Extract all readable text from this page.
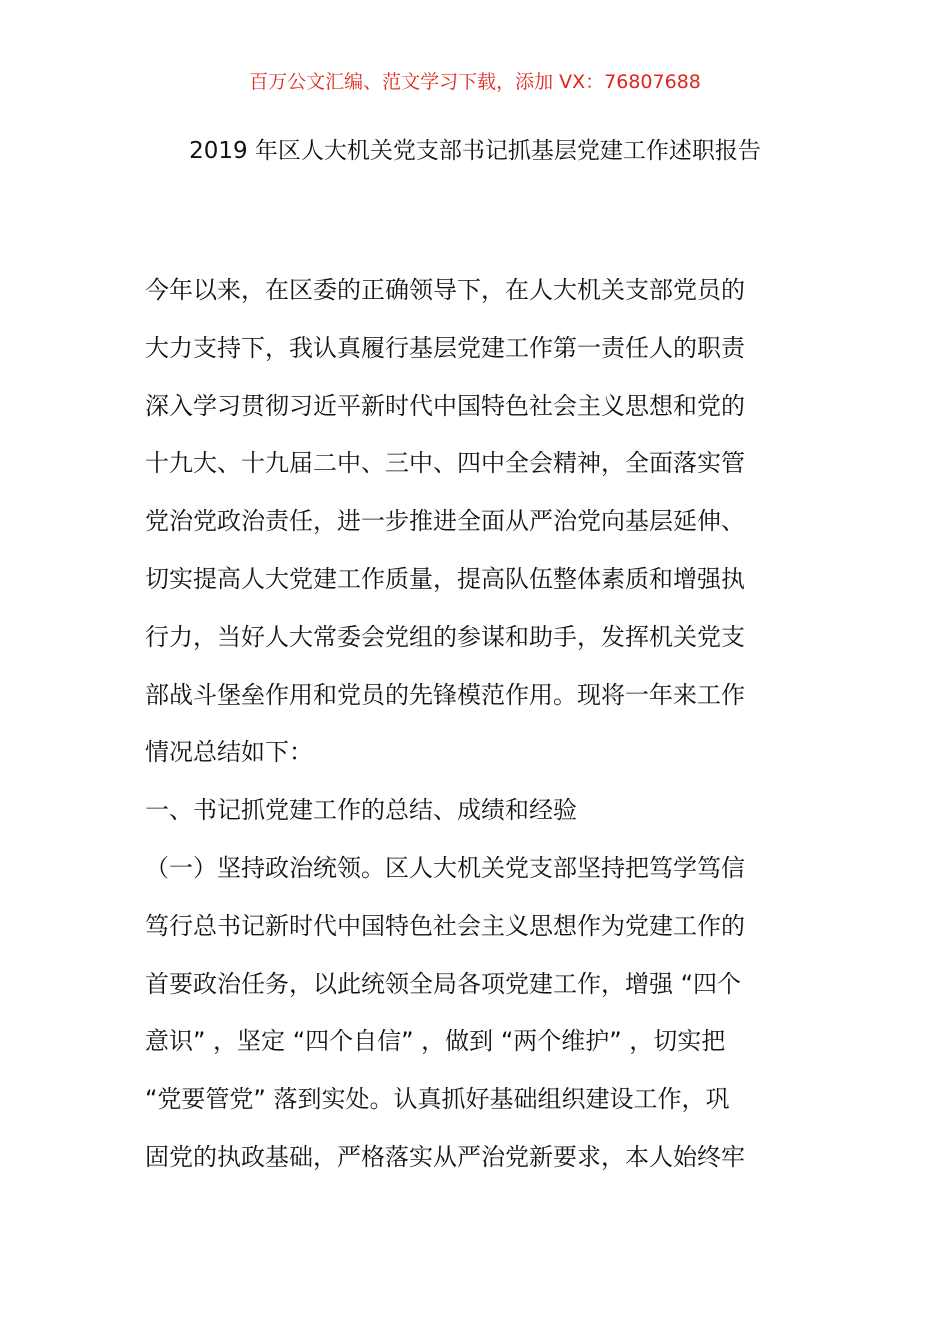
百万公文汇编、范文学习下载，添加 VX：76807688
2019 年区人大机关党支部书记抓基层党建工作述职报告
今年以来，在区委的正确领导下，在人大机关支部党员的
大力支持下，我认真履行基层党建工作第一责任人的职责
深入学习贯彻习近平新时代中国特色社会主义思想和党的
十九大、十九届二中、三中、四中全会精神，全面落实管
党治党政治责任，进一步推进全面从严治党向基层延伸、
切实提高人大党建工作质量，提高队伍整体素质和增强执
行力，当好人大常委会党组的参谋和助手，发挥机关党支
部战斗堡垒作用和党员的先锋模范作用。现将一年来工作
情况总结如下：
一、书记抓党建工作的总结、成绩和经验
（一）坚持政治统领。区人大机关党支部坚持把笃学笃信
笃行总书记新时代中国特色社会主义思想作为党建工作的
首要政治任务，以此统领全局各项党建工作，增强 “四个
意识” ，坚定 “四个自信” ，做到 “两个维护” ，切实把
“党要管党” 落到实处。认真抓好基础组织建设工作，巩
固党的执政基础，严格落实从严治党新要求，本人始终牢
